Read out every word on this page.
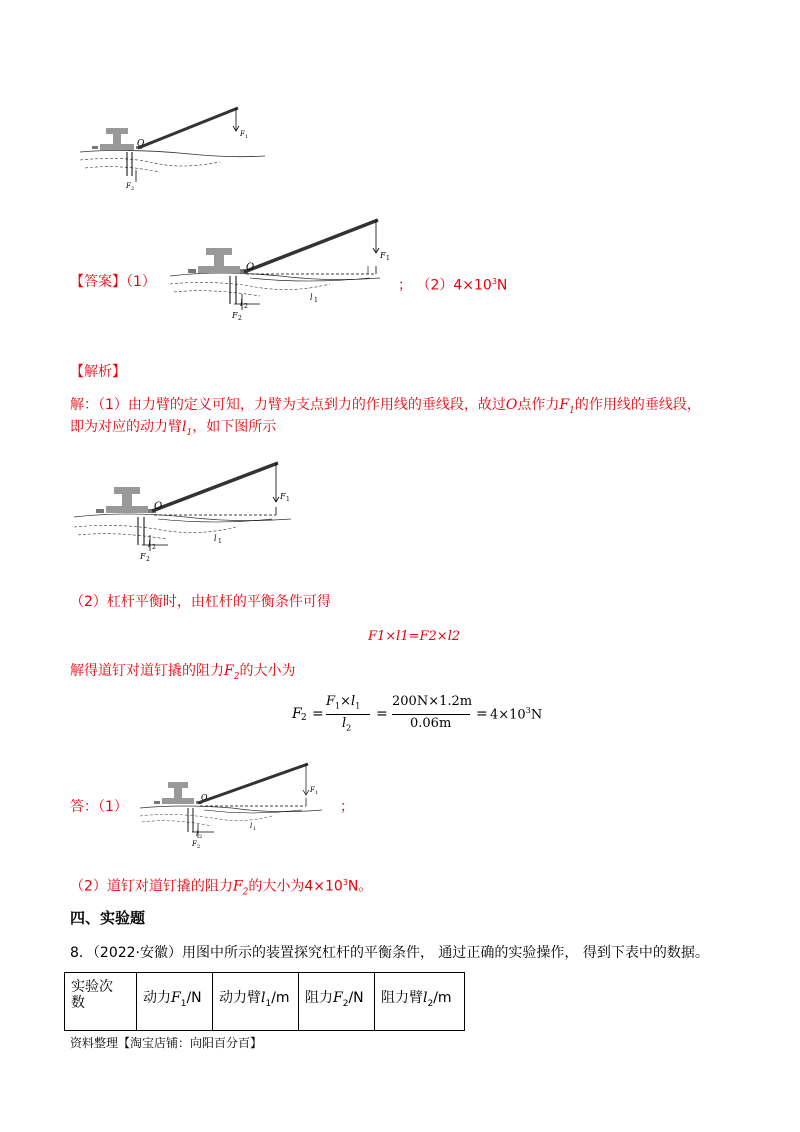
O
F 1
F 2
【答案】（1）
O
F 1
l 1
l 2
F 2
； $(2)4\times 10^3N$
【解析】
解：（1）由力臂的定义可知，力臂为支点到力的作用线的垂线段，故过O点作力$F_1$的作用线的垂线段，
即为对应的动力臂$l_1$，如下图所示
O
F 1
l 1
l 2
F 2
（2）杠杆平衡时，由杠杆的平衡条件可得
F1×l1=F2×l2
解得道钉对道钉撬的阻力$F_2$的大小为
F 2 =
$F_1\times l_1$
$l_2$
=
200N×1.2m
0.06m
= $4\times 10^3N$
答：（1）
O
F 1
l 1
l 2
F 2
；
（2）道钉对道钉撬的阻力$F_2$的大小为$4\times 10^3N$。
四、实验题
8．（2022·安徽）用图中所示的装置探究杠杆的平衡条件， 通过正确的实验操作， 得到下表中的数据。
实验次
数	动力$F_1/N$	动力臂$l_1/m$	阻力$F_2/N$	阻力臂$l_2/m$
资料整理【淘宝店铺：向阳百分百】
